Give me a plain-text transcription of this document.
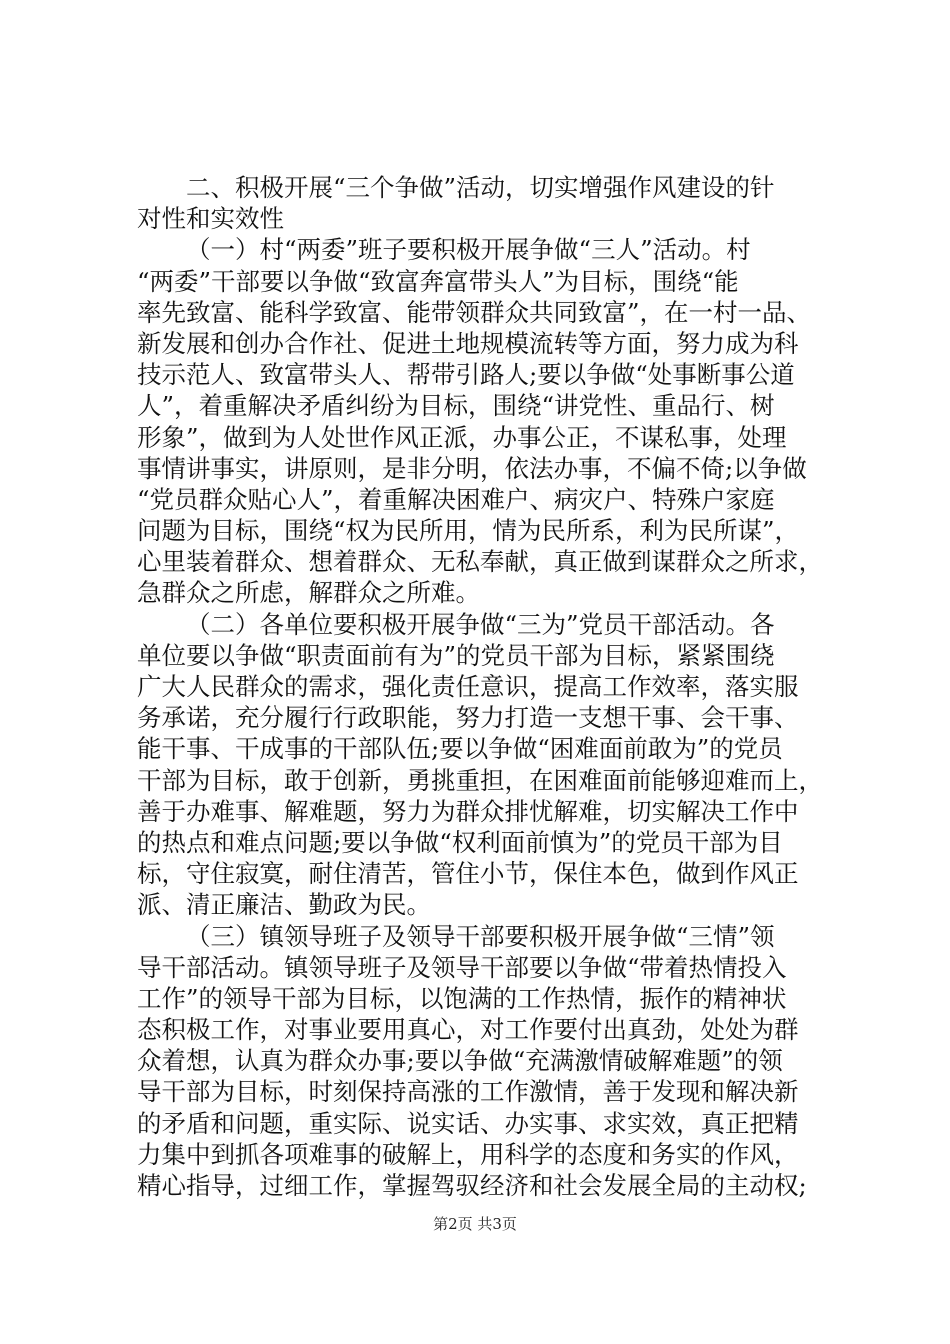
二、积极开展“三个争做”活动，切实增强作风建设的针
对性和实效性
（一）村“两委”班子要积极开展争做“三人”活动。村
“两委”干部要以争做“致富奔富带头人”为目标，围绕“能
率先致富、能科学致富、能带领群众共同致富”，在一村一品、
新发展和创办合作社、促进土地规模流转等方面，努力成为科
技示范人、致富带头人、帮带引路人;要以争做“处事断事公道
人”，着重解决矛盾纠纷为目标，围绕“讲党性、重品行、树
形象”，做到为人处世作风正派，办事公正，不谋私事，处理
事情讲事实，讲原则，是非分明，依法办事，不偏不倚;以争做
“党员群众贴心人”，着重解决困难户、病灾户、特殊户家庭
问题为目标，围绕“权为民所用，情为民所系，利为民所谋”，
心里装着群众、想着群众、无私奉献，真正做到谋群众之所求，
急群众之所虑，解群众之所难。
（二）各单位要积极开展争做“三为”党员干部活动。各
单位要以争做“职责面前有为”的党员干部为目标，紧紧围绕
广大人民群众的需求，强化责任意识，提高工作效率，落实服
务承诺，充分履行行政职能，努力打造一支想干事、会干事、
能干事、干成事的干部队伍;要以争做“困难面前敢为”的党员
干部为目标，敢于创新，勇挑重担，在困难面前能够迎难而上，
善于办难事、解难题，努力为群众排忧解难，切实解决工作中
的热点和难点问题;要以争做“权利面前慎为”的党员干部为目
标，守住寂寞，耐住清苦，管住小节，保住本色，做到作风正
派、清正廉洁、勤政为民。
（三）镇领导班子及领导干部要积极开展争做“三情”领
导干部活动。镇领导班子及领导干部要以争做“带着热情投入
工作”的领导干部为目标，以饱满的工作热情，振作的精神状
态积极工作，对事业要用真心，对工作要付出真劲，处处为群
众着想，认真为群众办事;要以争做“充满激情破解难题”的领
导干部为目标，时刻保持高涨的工作激情，善于发现和解决新
的矛盾和问题，重实际、说实话、办实事、求实效，真正把精
力集中到抓各项难事的破解上，用科学的态度和务实的作风，
精心指导，过细工作，掌握驾驭经济和社会发展全局的主动权;
第2页 共3页
